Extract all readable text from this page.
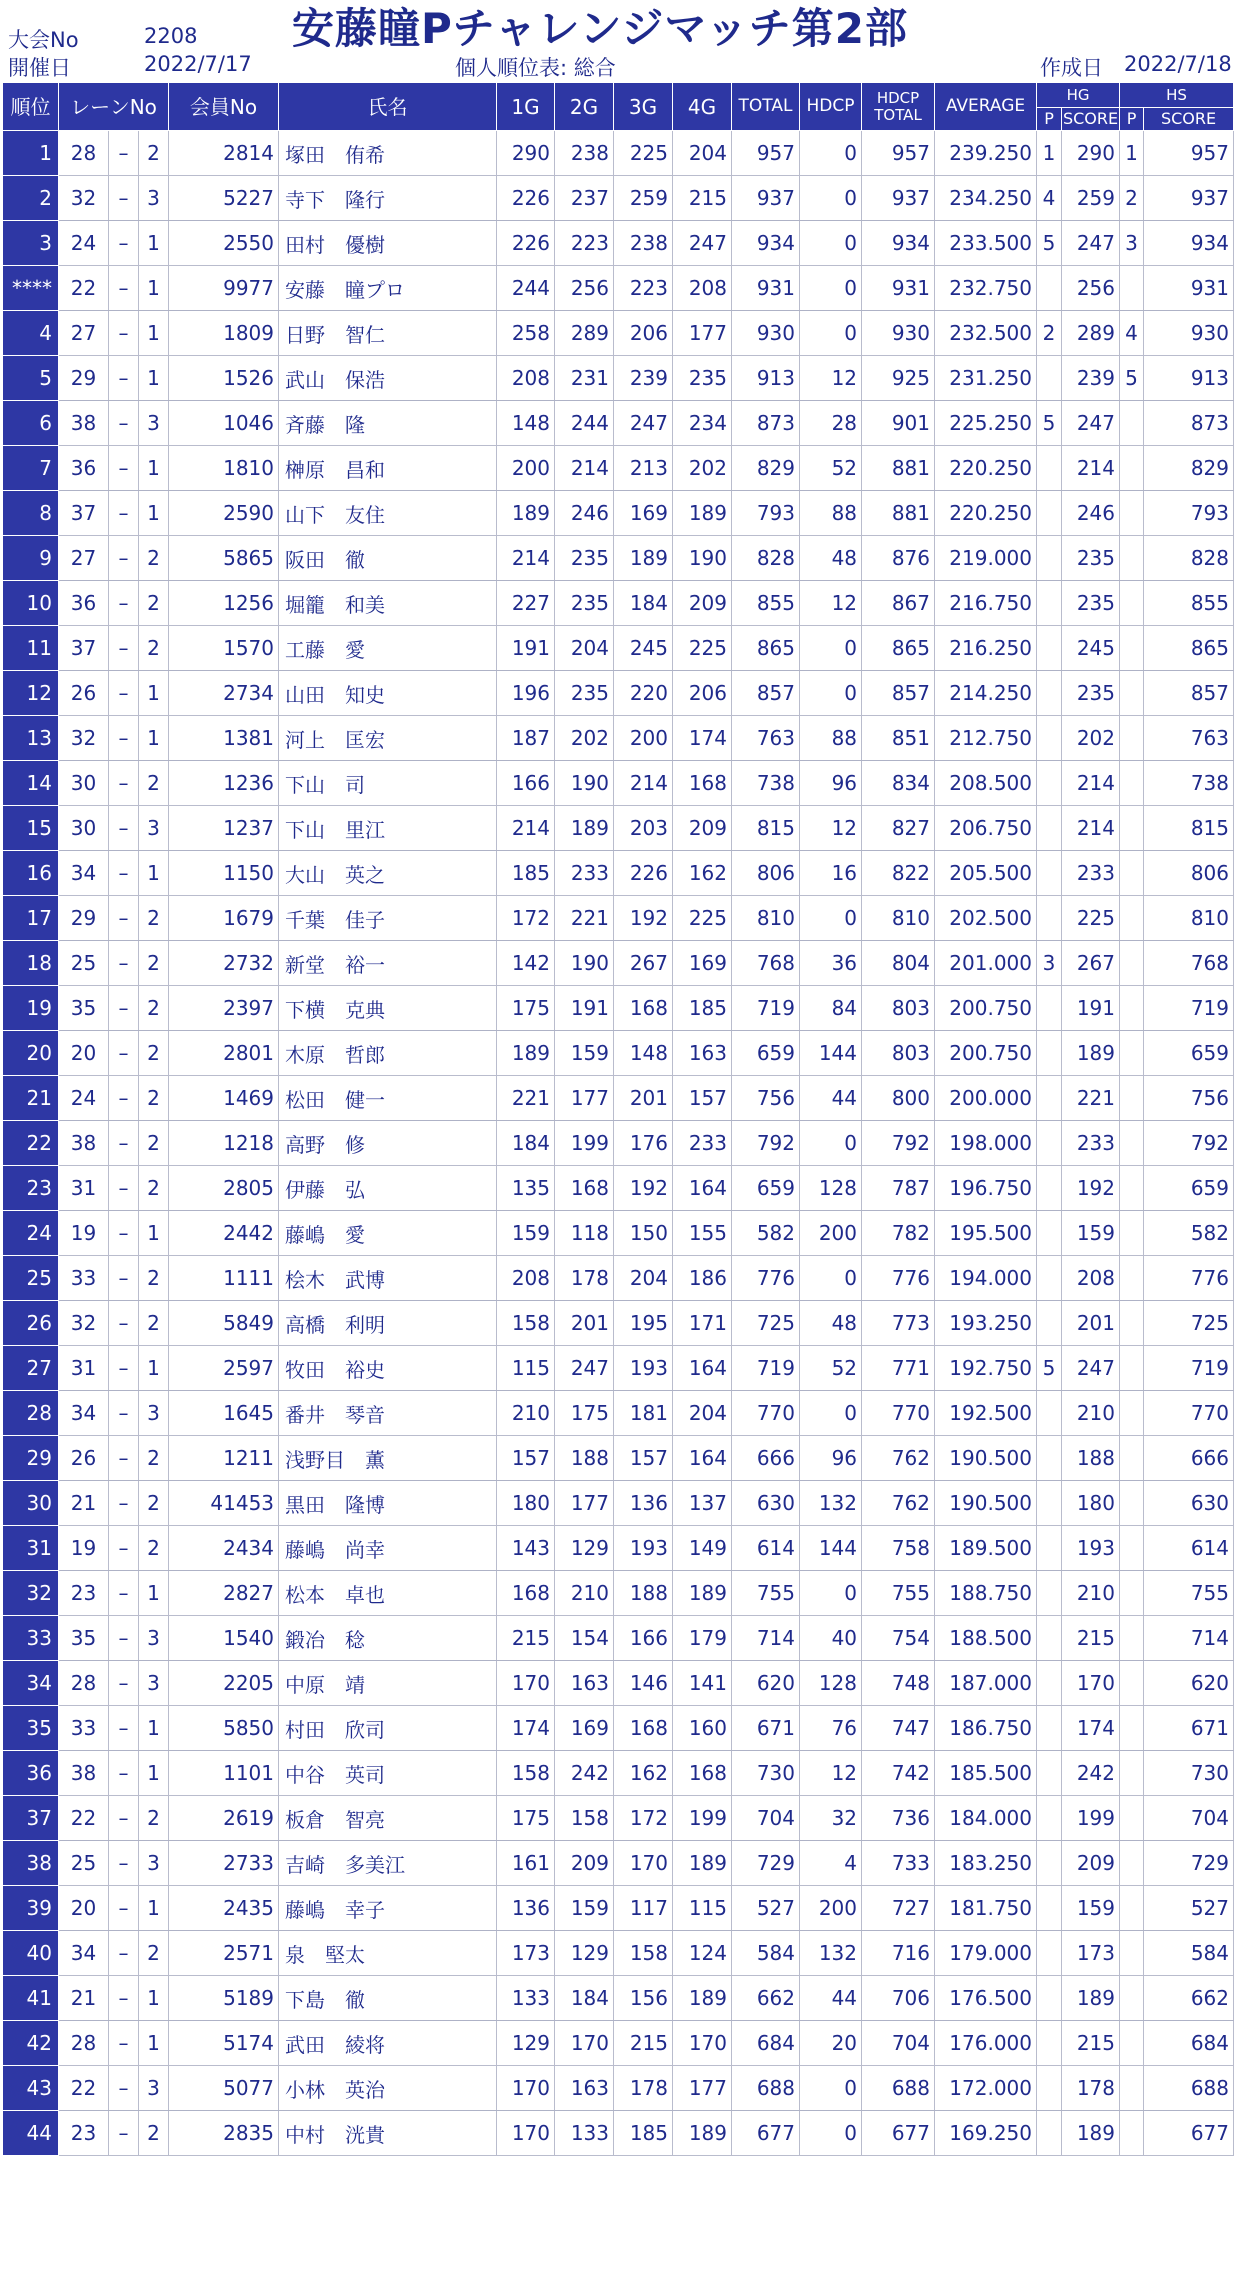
大会No	2208
開催日	2022/7/17
安藤瞳Pチャレンジマッチ第2部
個人順位表: 総合	作成日 2022/7/18
順位	レーンNo			会員No	氏名	1G	2G	3G	4G	TOTAL	HDCP	HDCP
TOTAL	AVERAGE	HG		HS	
														P	SCORE	P	SCORE
1	28	–	2	2814	塚田　侑希	290	238	225	204	957	0	957	239.250	1	290	1	957
2	32	–	3	5227	寺下　隆行	226	237	259	215	937	0	937	234.250	4	259	2	937
3	24	–	1	2550	田村　優樹	226	223	238	247	934	0	934	233.500	5	247	3	934
****	22	–	1	9977	安藤　瞳プロ	244	256	223	208	931	0	931	232.750		256		931
4	27	–	1	1809	日野　智仁	258	289	206	177	930	0	930	232.500	2	289	4	930
5	29	–	1	1526	武山　保浩	208	231	239	235	913	12	925	231.250		239	5	913
6	38	–	3	1046	斉藤　隆	148	244	247	234	873	28	901	225.250	5	247		873
7	36	–	1	1810	榊原　昌和	200	214	213	202	829	52	881	220.250		214		829
8	37	–	1	2590	山下　友住	189	246	169	189	793	88	881	220.250		246		793
9	27	–	2	5865	阪田　徹	214	235	189	190	828	48	876	219.000		235		828
10	36	–	2	1256	堀籠　和美	227	235	184	209	855	12	867	216.750		235		855
11	37	–	2	1570	工藤　愛	191	204	245	225	865	0	865	216.250		245		865
12	26	–	1	2734	山田　知史	196	235	220	206	857	0	857	214.250		235		857
13	32	–	1	1381	河上　匡宏	187	202	200	174	763	88	851	212.750		202		763
14	30	–	2	1236	下山　司	166	190	214	168	738	96	834	208.500		214		738
15	30	–	3	1237	下山　里江	214	189	203	209	815	12	827	206.750		214		815
16	34	–	1	1150	大山　英之	185	233	226	162	806	16	822	205.500		233		806
17	29	–	2	1679	千葉　佳子	172	221	192	225	810	0	810	202.500		225		810
18	25	–	2	2732	新堂　裕一	142	190	267	169	768	36	804	201.000	3	267		768
19	35	–	2	2397	下横　克典	175	191	168	185	719	84	803	200.750		191		719
20	20	–	2	2801	木原　哲郎	189	159	148	163	659	144	803	200.750		189		659
21	24	–	2	1469	松田　健一	221	177	201	157	756	44	800	200.000		221		756
22	38	–	2	1218	高野　修	184	199	176	233	792	0	792	198.000		233		792
23	31	–	2	2805	伊藤　弘	135	168	192	164	659	128	787	196.750		192		659
24	19	–	1	2442	藤嶋　愛	159	118	150	155	582	200	782	195.500		159		582
25	33	–	2	1111	桧木　武博	208	178	204	186	776	0	776	194.000		208		776
26	32	–	2	5849	高橋　利明	158	201	195	171	725	48	773	193.250		201		725
27	31	–	1	2597	牧田　裕史	115	247	193	164	719	52	771	192.750	5	247		719
28	34	–	3	1645	番井　琴音	210	175	181	204	770	0	770	192.500		210		770
29	26	–	2	1211	浅野目　薫	157	188	157	164	666	96	762	190.500		188		666
30	21	–	2	41453	黒田　隆博	180	177	136	137	630	132	762	190.500		180		630
31	19	–	2	2434	藤嶋　尚幸	143	129	193	149	614	144	758	189.500		193		614
32	23	–	1	2827	松本　卓也	168	210	188	189	755	0	755	188.750		210		755
33	35	–	3	1540	鍛冶　稔	215	154	166	179	714	40	754	188.500		215		714
34	28	–	3	2205	中原　靖	170	163	146	141	620	128	748	187.000		170		620
35	33	–	1	5850	村田　欣司	174	169	168	160	671	76	747	186.750		174		671
36	38	–	1	1101	中谷　英司	158	242	162	168	730	12	742	185.500		242		730
37	22	–	2	2619	板倉　智亮	175	158	172	199	704	32	736	184.000		199		704
38	25	–	3	2733	吉崎　多美江	161	209	170	189	729	4	733	183.250		209		729
39	20	–	1	2435	藤嶋　幸子	136	159	117	115	527	200	727	181.750		159		527
40	34	–	2	2571	泉　堅太	173	129	158	124	584	132	716	179.000		173		584
41	21	–	1	5189	下島　徹	133	184	156	189	662	44	706	176.500		189		662
42	28	–	1	5174	武田　綾将	129	170	215	170	684	20	704	176.000		215		684
43	22	–	3	5077	小林　英治	170	163	178	177	688	0	688	172.000		178		688
44	23	–	2	2835	中村　洸貴	170	133	185	189	677	0	677	169.250		189		677
